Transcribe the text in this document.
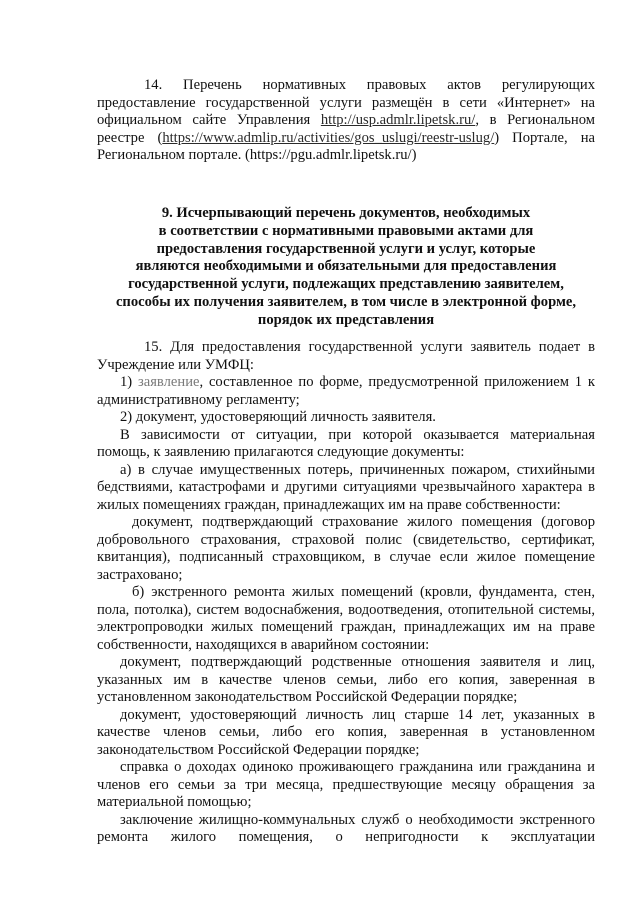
14. Перечень нормативных правовых актов регулирующих предоставление государственной услуги размещён в сети «Интернет» на официальном сайте Управления http://usp.admlr.lipetsk.ru/, в Региональном реестре (https://www.admlip.ru/activities/gos_uslugi/reestr-uslug/) Портале, на Региональном портале. (https://pgu.admlr.lipetsk.ru/)

9. Исчерпывающий перечень документов, необходимых
в соответствии с нормативными правовыми актами для
предоставления государственной услуги и услуг, которые
являются необходимыми и обязательными для предоставления
государственной услуги, подлежащих представлению заявителем,
способы их получения заявителем, в том числе в электронной форме,
порядок их представления

15. Для предоставления государственной услуги заявитель подает в Учреждение или УМФЦ:

1) заявление, составленное по форме, предусмотренной приложением 1 к административному регламенту;

2) документ, удостоверяющий личность заявителя.

В зависимости от ситуации, при которой оказывается материальная помощь, к заявлению прилагаются следующие документы:

а) в случае имущественных потерь, причиненных пожаром, стихийными бедствиями, катастрофами и другими ситуациями чрезвычайного характера в жилых помещениях граждан, принадлежащих им на праве собственности:

документ, подтверждающий страхование жилого помещения (договор добровольного страхования, страховой полис (свидетельство, сертификат, квитанция), подписанный страховщиком, в случае если жилое помещение застраховано;

б) экстренного ремонта жилых помещений (кровли, фундамента, стен, пола, потолка), систем водоснабжения, водоотведения, отопительной системы, электропроводки жилых помещений граждан, принадлежащих им на праве собственности, находящихся в аварийном состоянии:

документ, подтверждающий родственные отношения заявителя и лиц, указанных им в качестве членов семьи, либо его копия, заверенная в установленном законодательством Российской Федерации порядке;

документ, удостоверяющий личность лиц старше 14 лет, указанных в качестве членов семьи, либо его копия, заверенная в установленном законодательством Российской Федерации порядке;

справка о доходах одиноко проживающего гражданина или гражданина и членов его семьи за три месяца, предшествующие месяцу обращения за материальной помощью;

заключение жилищно-коммунальных служб о необходимости экстренного ремонта жилого помещения, о непригодности к эксплуатации
